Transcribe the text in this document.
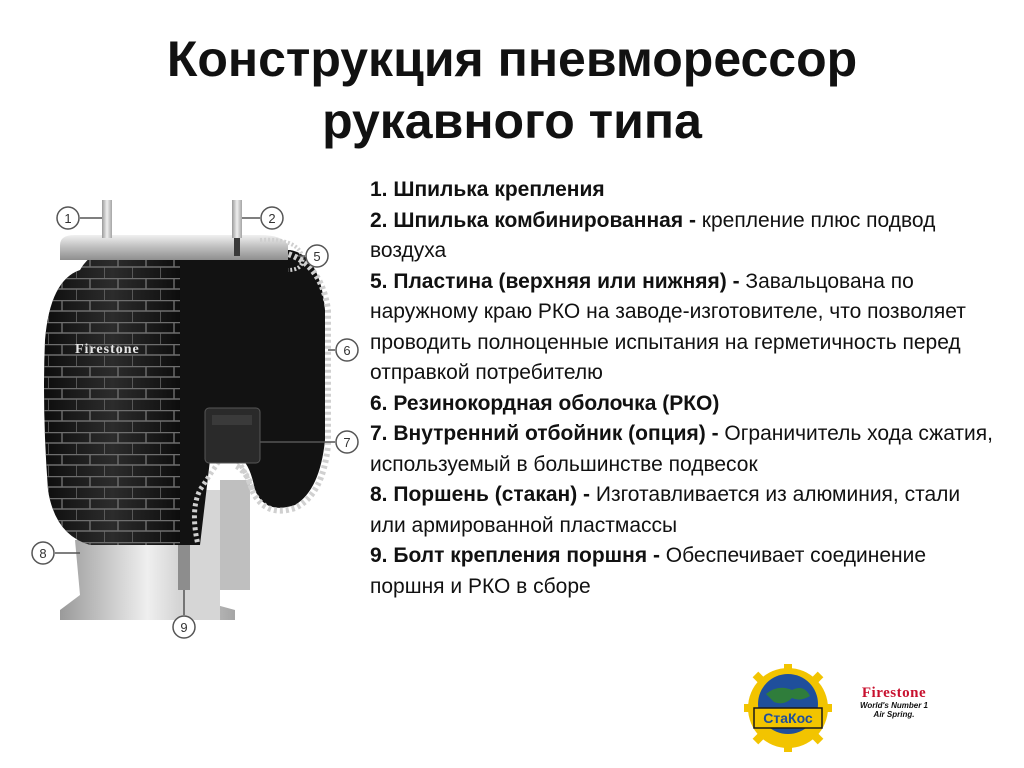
Конструкция пневморессор
рукавного типа
Firestone
1	2
5
6
7
8
9

1. Шпилька крепления

2. Шпилька комбинированная - крепление плюс подвод воздуха

5. Пластина (верхняя или нижняя) - Завальцована по наружному краю РКО на заводе-изготовителе, что позволяет проводить полноценные испытания на герметичность перед отправкой потребителю

6. Резинокордная оболочка (РКО)

7. Внутренний отбойник (опция) - Ограничитель хода сжатия, используемый в большинстве подвесок

8. Поршень (стакан) - Изготавливается из алюминия, стали или армированной пластмассы

9. Болт крепления поршня - Обеспечивает соединение поршня и РКО в сборе

СтаКос
Firestone
World's Number 1
Air Spring.
